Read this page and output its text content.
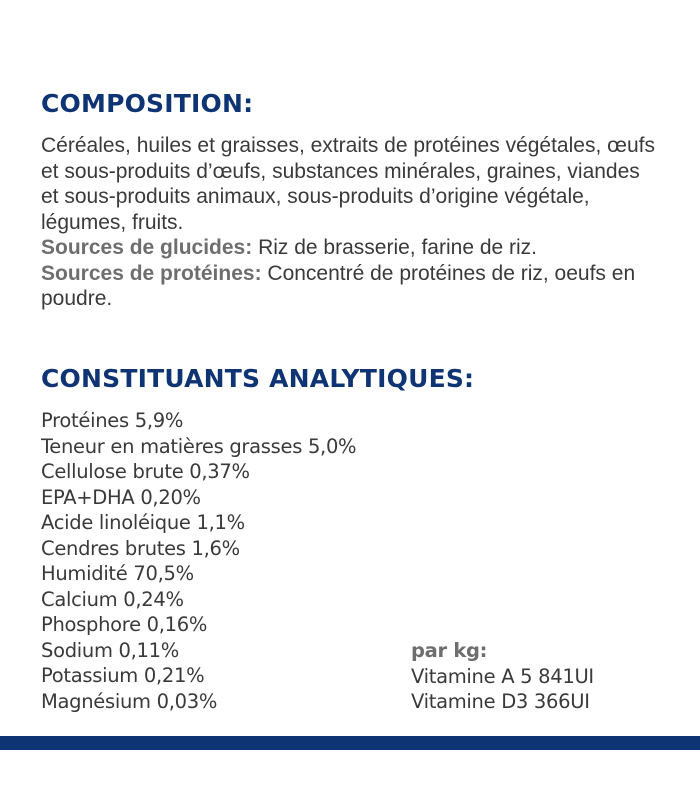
COMPOSITION:

Céréales, huiles et graisses, extraits de protéines végétales, œufs et sous-produits d’œufs, substances minérales, graines, viandes et sous-produits animaux, sous-produits d’origine végétale, légumes, fruits.

Sources de glucides: Riz de brasserie, farine de riz.

Sources de protéines: Concentré de protéines de riz, oeufs en poudre.

CONSTITUANTS ANALYTIQUES:
Protéines 5,9%
Teneur en matières grasses 5,0%
Cellulose brute 0,37%
EPA+DHA 0,20%
Acide linoléique 1,1%
Cendres brutes 1,6%
Humidité 70,5%
Calcium 0,24%
Phosphore 0,16%
Sodium 0,11%
Potassium 0,21%
Magnésium 0,03%
par kg:
Vitamine A 5 841UI
Vitamine D3 366UI
